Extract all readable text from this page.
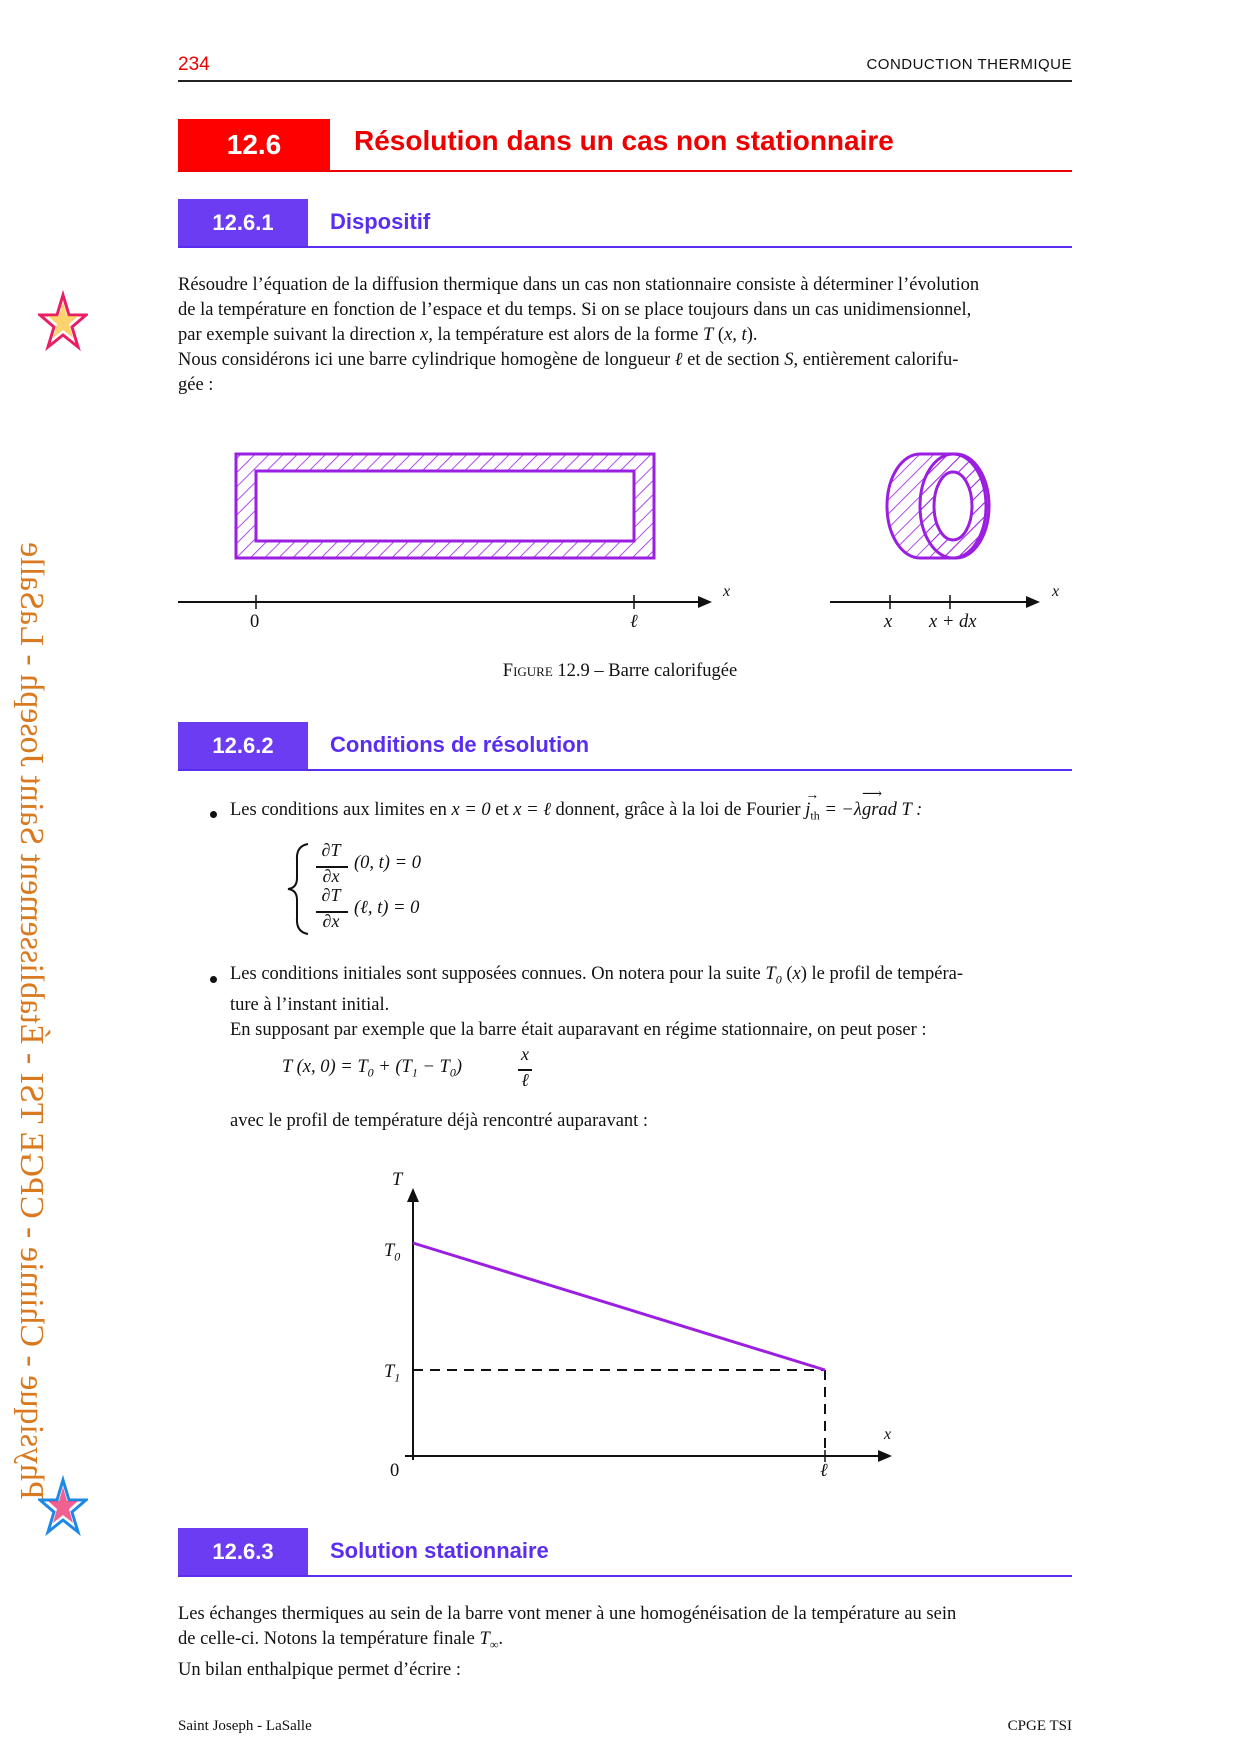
234	CONDUCTION THERMIQUE
Physique - Chimie - CPGE TSI - Établissement Saint Joseph - LaSalle
12.6	Résolution dans un cas non stationnaire
12.6.1	Dispositif
Résoudre l’équation de la diffusion thermique dans un cas non stationnaire consiste à déterminer l’évolution
de la température en fonction de l’espace et du temps. Si on se place toujours dans un cas unidimensionnel,
par exemple suivant la direction x, la température est alors de la forme T (x, t).
Nous considérons ici une barre cylindrique homogène de longueur ℓ et de section S, entièrement calorifu-
gée :
x
0	ℓ
x
x x + dx
Figure 12.9 – Barre calorifugée
12.6.2	Conditions de résolution
Les conditions aux limites en x = 0 et x = ℓ donnent, grâce à la loi de Fourier $j_{th}$
→
= −λgrad
⟶
T :
∂T
∂x
(0, t) = 0
∂T
∂x
(ℓ, t) = 0
Les conditions initiales sont supposées connues. On notera pour la suite $T_0$ (x) le profil de tempéra-
ture à l’instant initial.
En supposant par exemple que la barre était auparavant en régime stationnaire, on peut poser :
T (x, $0) = T_0 + (T_1 - T_0)$
x
ℓ
avec le profil de température déjà rencontré auparavant :
T
x
$T_0$
$T_1$
0	ℓ
12.6.3	Solution stationnaire
Les échanges thermiques au sein de la barre vont mener à une homogénéisation de la température au sein
de celle-ci. Notons la température finale $T_\infty$.
Un bilan enthalpique permet d’écrire :
Saint Joseph - LaSalle	CPGE TSI
